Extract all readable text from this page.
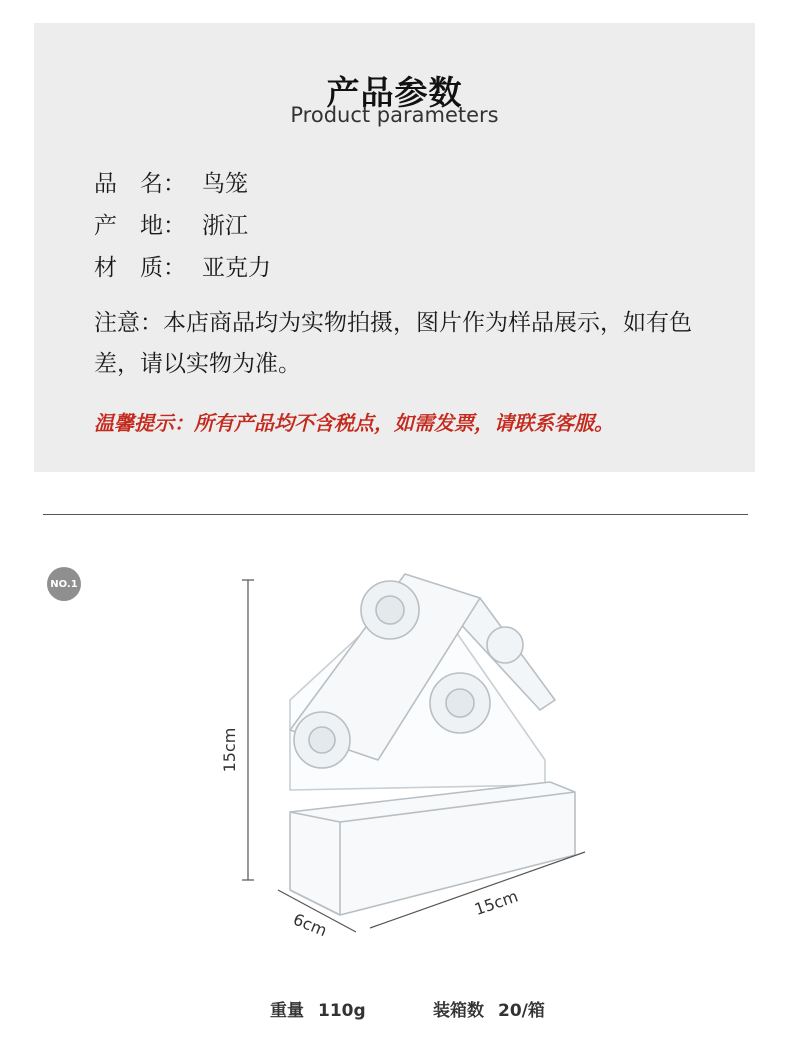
产品参数
Product parameters
品　名： 鸟笼
产　地： 浙江
材　质： 亚克力
注意：本店商品均为实物拍摄，图片作为样品展示，如有色差，请以实物为准。
温馨提示：所有产品均不含税点，如需发票，请联系客服。
NO.1
15cm
6cm
15cm
重量 110g	装箱数 20/箱
